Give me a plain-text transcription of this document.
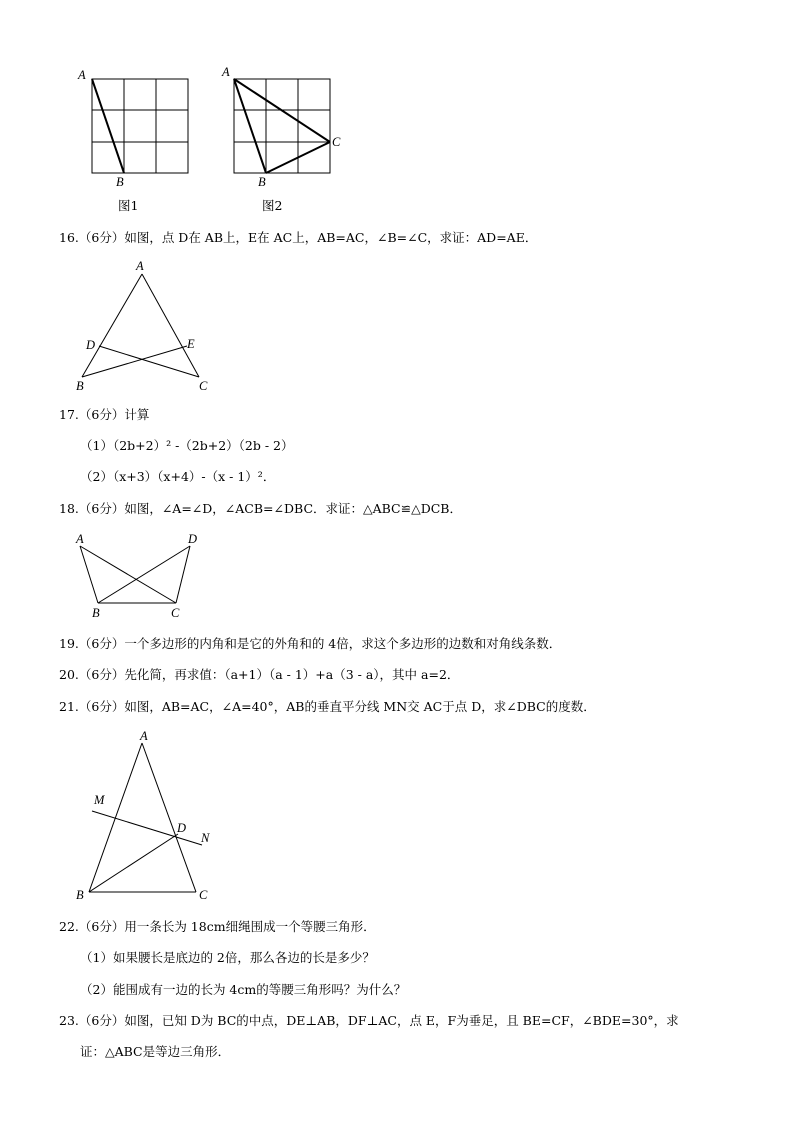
A
B
图1
A
B
C
图2
16.（6分）如图，点 D在 AB上，E在 AC上，AB=AC，∠B=∠C，求证：AD=AE．
A
D	E
B	C
17.（6分）计算
（1）（2b+2）² -（2b+2）（2b - 2）
（2）（x+3）（x+4）-（x - 1）²．
18.（6分）如图，∠A=∠D，∠ACB=∠DBC．求证：△ABC≌△DCB．
A	D
B	C
19.（6分）一个多边形的内角和是它的外角和的 4倍，求这个多边形的边数和对角线条数．
20.（6分）先化简，再求值：（a+1）（a - 1）+a（3 - a），其中 a=2．
21.（6分）如图，AB=AC，∠A=40°，AB的垂直平分线 MN交 AC于点 D，求∠DBC的度数．
A
M
D
N
B	C
22.（6分）用一条长为 18cm细绳围成一个等腰三角形．
（1）如果腰长是底边的 2倍，那么各边的长是多少？
（2）能围成有一边的长为 4cm的等腰三角形吗？为什么？
23.（6分）如图，已知 D为 BC的中点，DE⊥AB，DF⊥AC，点 E，F为垂足，且 BE=CF，∠BDE=30°，求
证：△ABC是等边三角形．
